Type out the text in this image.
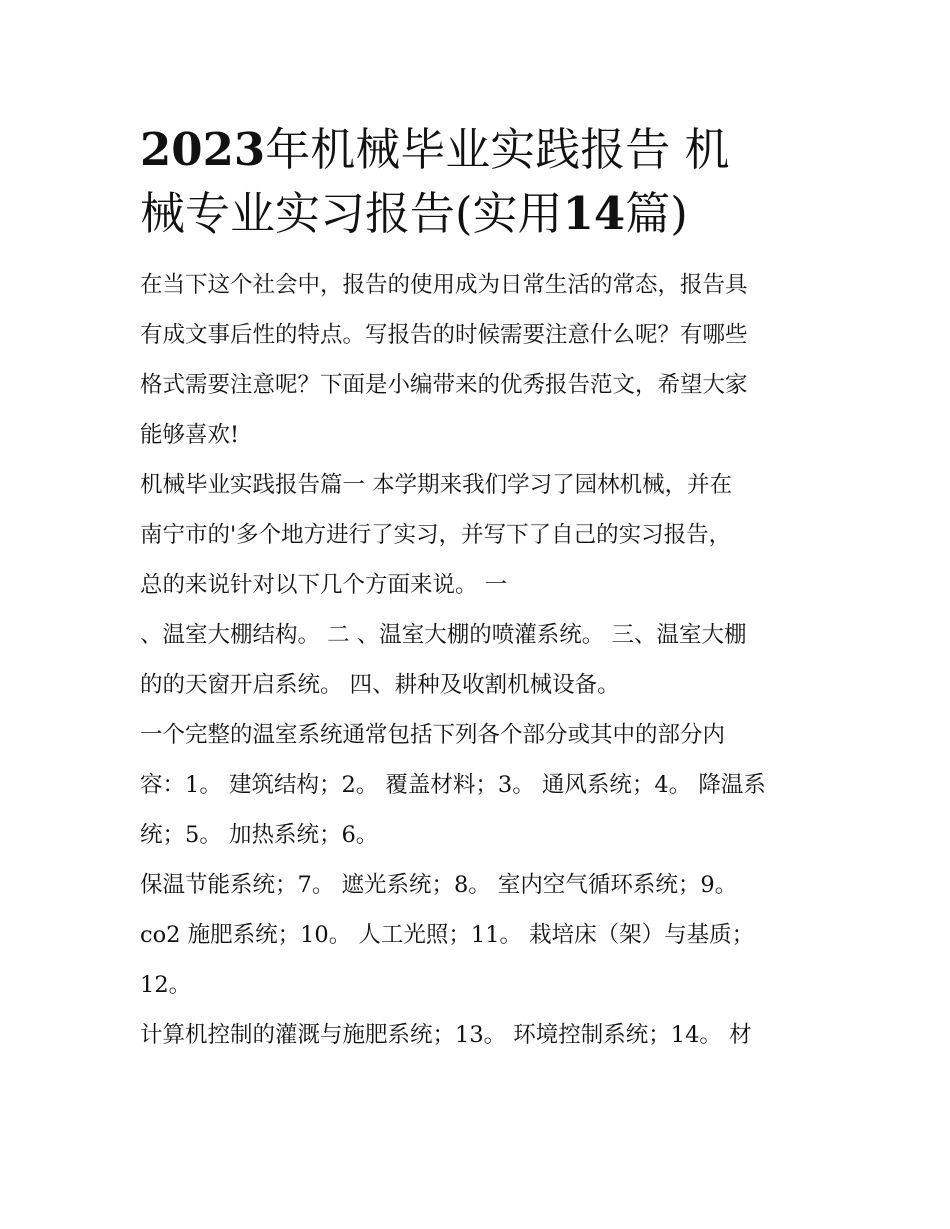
2023年机械毕业实践报告 机
械专业实习报告(实用14篇)

在当下这个社会中，报告的使用成为日常生活的常态，报告具
有成文事后性的特点。写报告的时候需要注意什么呢？有哪些
格式需要注意呢？下面是小编带来的优秀报告范文，希望大家
能够喜欢!

机械毕业实践报告篇一 本学期来我们学习了园林机械，并在
南宁市的'多个地方进行了实习，并写下了自己的实习报告，
总的来说针对以下几个方面来说。 一

、温室大棚结构。 二 、温室大棚的喷灌系统。 三、温室大棚
的的天窗开启系统。 四、耕种及收割机械设备。

一个完整的温室系统通常包括下列各个部分或其中的部分内
容：1。 建筑结构；2。 覆盖材料；3。 通风系统；4。 降温系
统；5。 加热系统；6。

保温节能系统；7。 遮光系统；8。 室内空气循环系统；9。
co2 施肥系统；10。 人工光照；11。 栽培床（架）与基质；
12。

计算机控制的灌溉与施肥系统；13。 环境控制系统；14。 材
